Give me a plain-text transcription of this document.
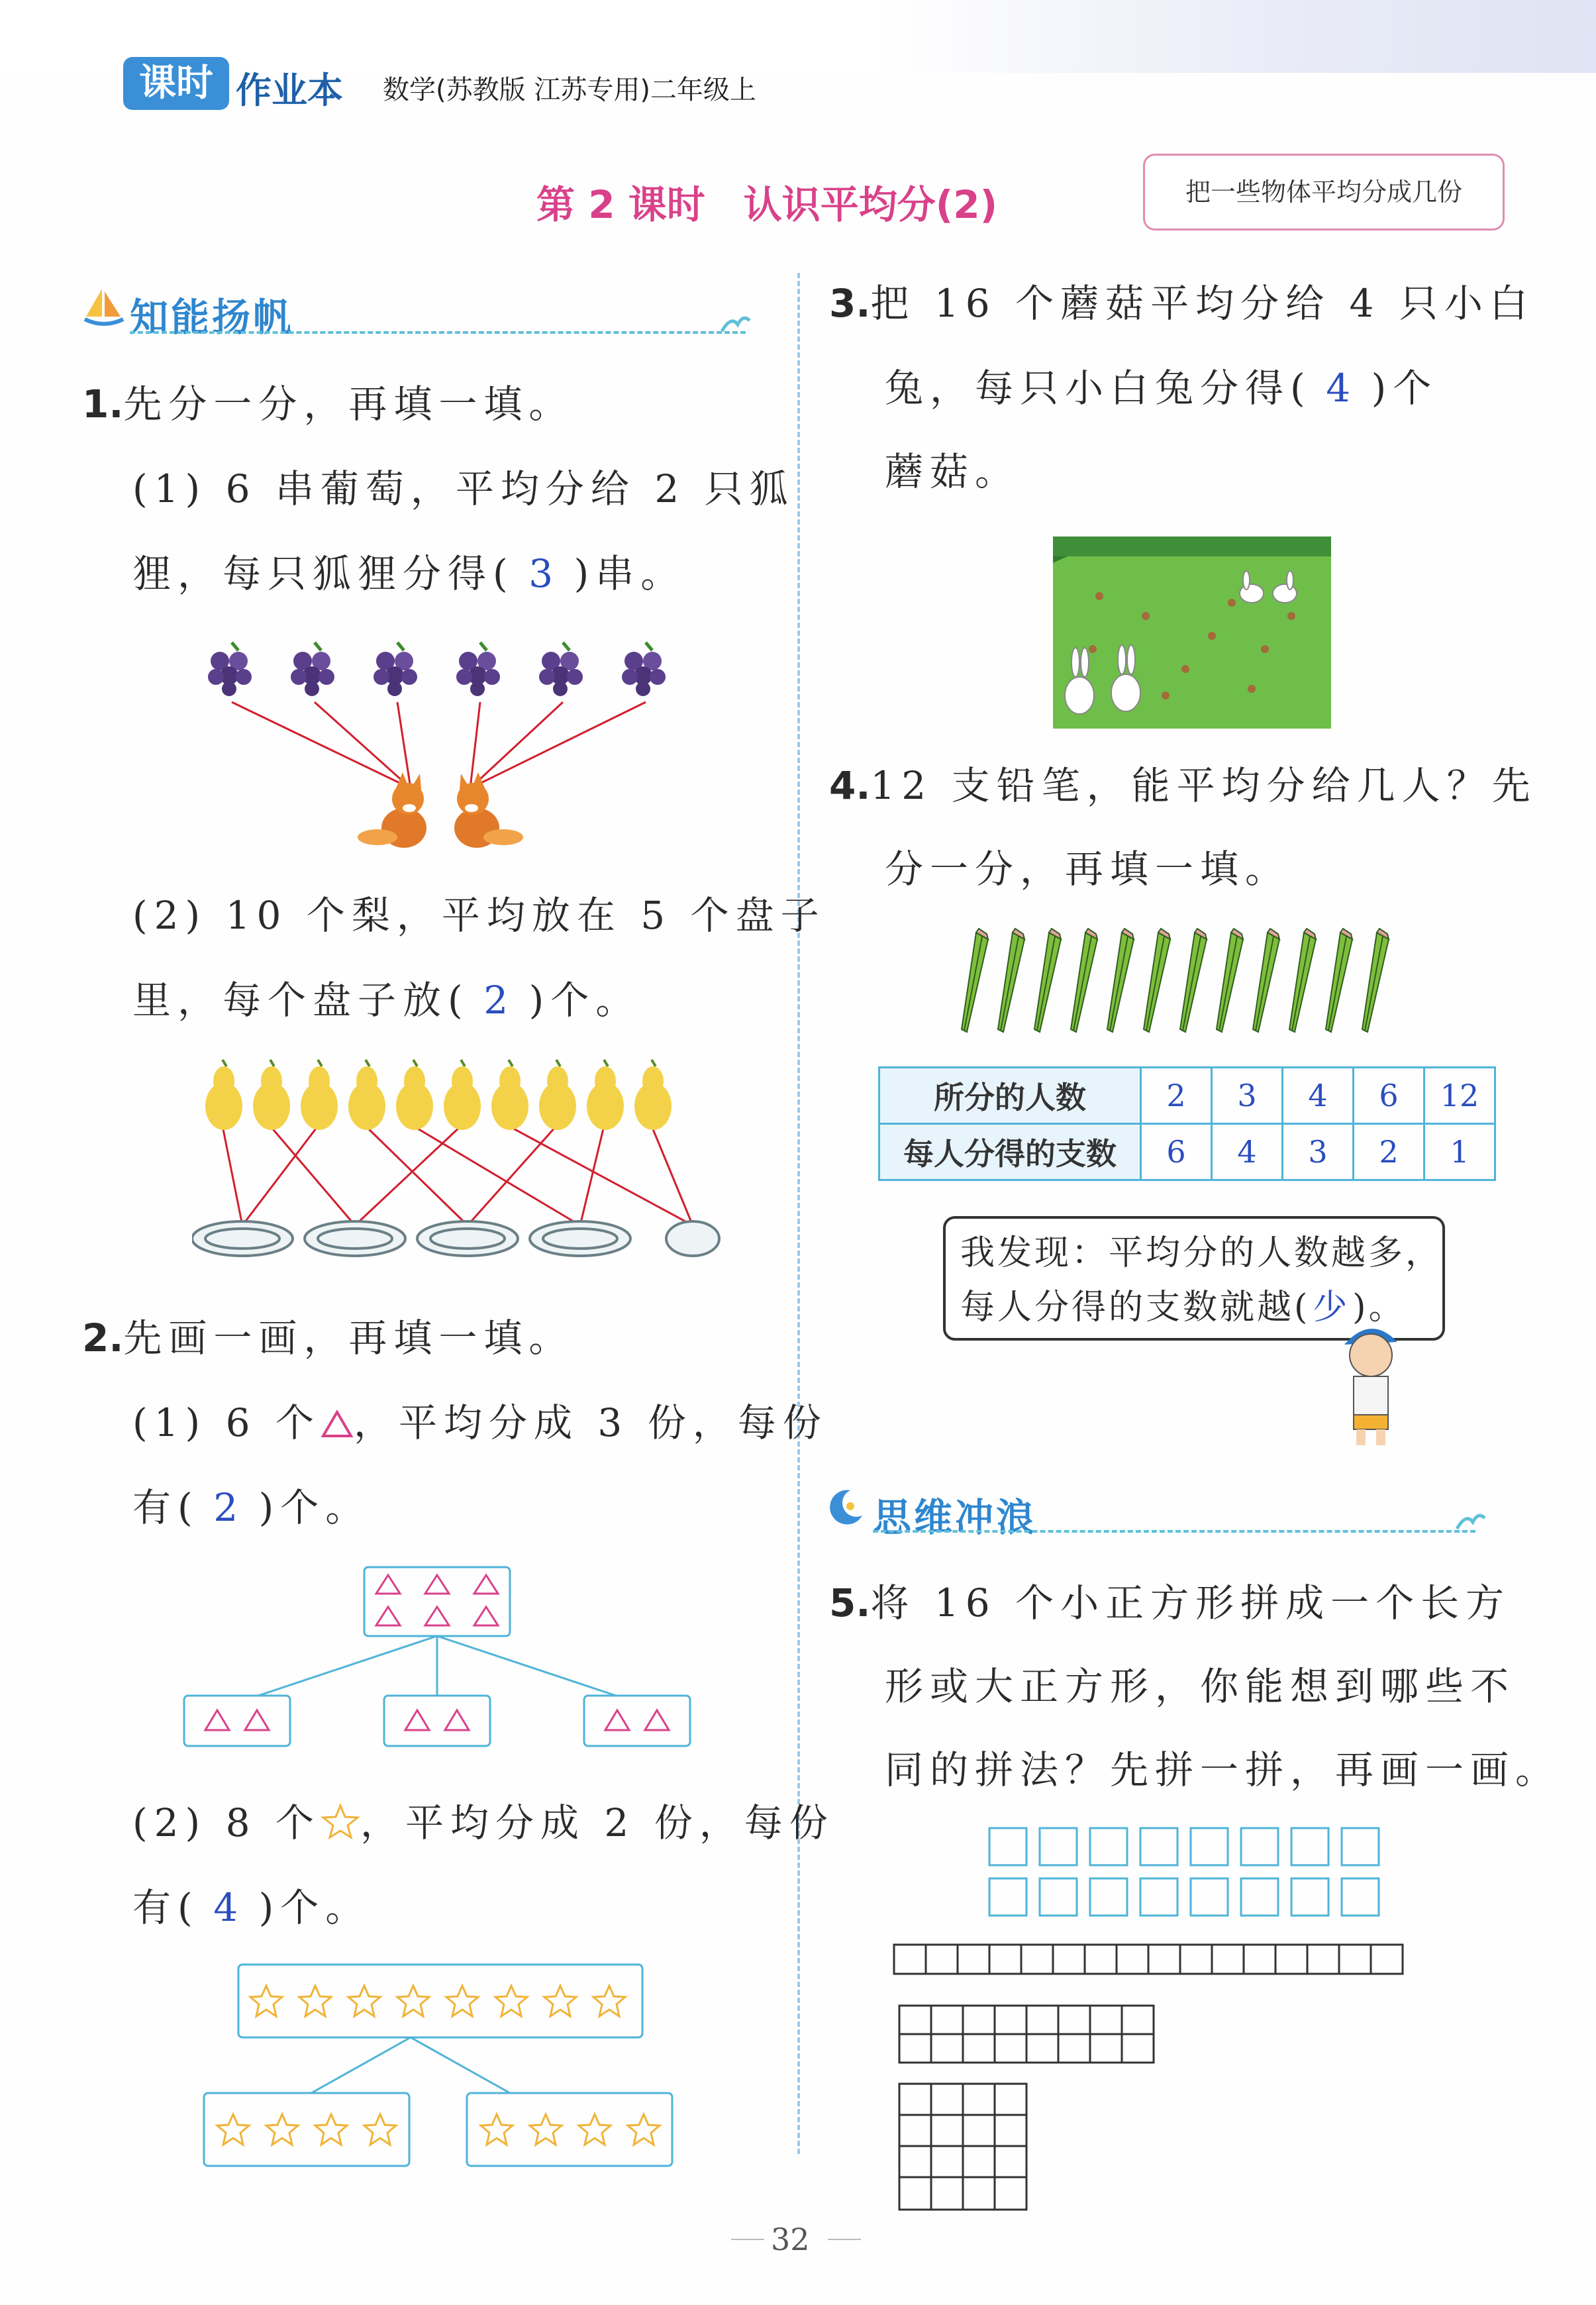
课时 作业本 数学(苏教版 江苏专用)二年级上
第 2 课时　认识平均分(2)	把一些物体平均分成几份
知能扬帆
1.先分一分，再填一填。
(1) 6 串葡萄，平均分给 2 只狐
狸，每只狐狸分得( 3 )串。
(2) 10 个梨，平均放在 5 个盘子
里，每个盘子放( 2 )个。
2.先画一画，再填一填。
(1) 6 个 ，平均分成 3 份，每份
有( 2 )个。
(2) 8 个 ，平均分成 2 份，每份
有( 4 )个。
3.把 16 个蘑菇平均分给 4 只小白
兔，每只小白兔分得( 4 )个
蘑菇。
4.12 支铅笔，能平均分给几人？先
分一分，再填一填。
所分的人数	2	3	4	6	12
每人分得的支数	6	4	3	2	1
我发现：平均分的人数越多，
每人分得的支数就越(少)。
思维冲浪
5.将 16 个小正方形拼成一个长方
形或大正方形，你能想到哪些不
同的拼法？先拼一拼，再画一画。
32
